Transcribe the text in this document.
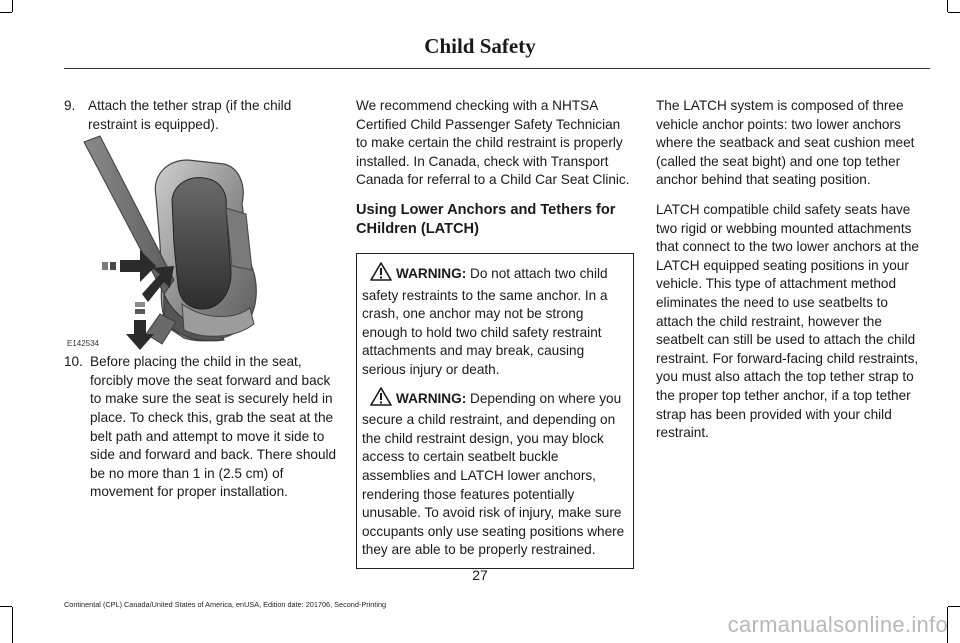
Child Safety
9. Attach the tether strap (if the child restraint is equipped).
E142534
10. Before placing the child in the seat, forcibly move the seat forward and back to make sure the seat is securely held in place. To check this, grab the seat at the belt path and attempt to move it side to side and forward and back. There should be no more than 1 in (2.5 cm) of movement for proper installation.

We recommend checking with a NHTSA Certified Child Passenger Safety Technician to make certain the child restraint is properly installed. In Canada, check with Transport Canada for referral to a Child Car Seat Clinic.

Using Lower Anchors and Tethers for CHildren (LATCH)

WARNING: Do not attach two child safety restraints to the same anchor. In a crash, one anchor may not be strong enough to hold two child safety restraint attachments and may break, causing serious injury or death.

WARNING: Depending on where you secure a child restraint, and depending on the child restraint design, you may block access to certain seatbelt buckle assemblies and LATCH lower anchors, rendering those features potentially unusable. To avoid risk of injury, make sure occupants only use seating positions where they are able to be properly restrained.

The LATCH system is composed of three vehicle anchor points: two lower anchors where the seatback and seat cushion meet (called the seat bight) and one top tether anchor behind that seating position.

LATCH compatible child safety seats have two rigid or webbing mounted attachments that connect to the two lower anchors at the LATCH equipped seating positions in your vehicle. This type of attachment method eliminates the need to use seatbelts to attach the child restraint, however the seatbelt can still be used to attach the child restraint. For forward-facing child restraints, you must also attach the top tether strap to the proper top tether anchor, if a top tether strap has been provided with your child restraint.

27
Continental (CPL) Canada/United States of America, enUSA, Edition date: 201706, Second-Printing
carmanualsonline.info
